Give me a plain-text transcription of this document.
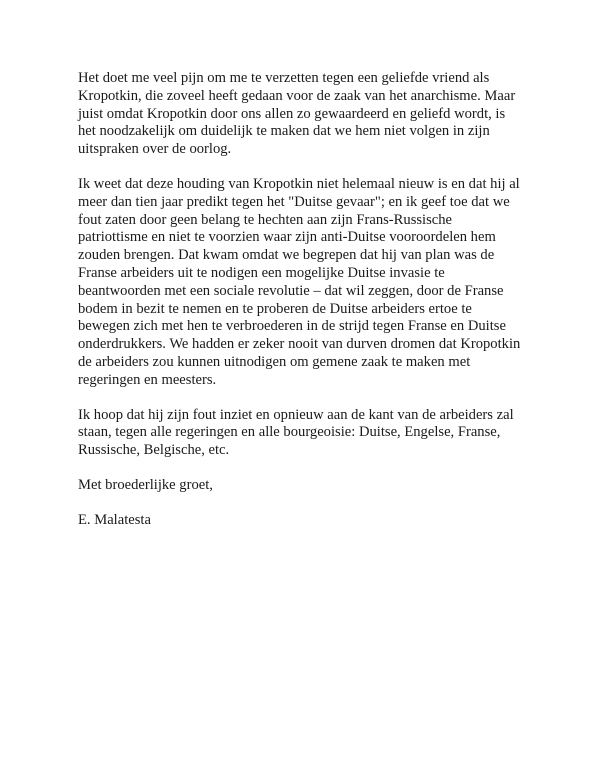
Het doet me veel pijn om me te verzetten tegen een geliefde vriend als
Kropotkin, die zoveel heeft gedaan voor de zaak van het anarchisme. Maar
juist omdat Kropotkin door ons allen zo gewaardeerd en geliefd wordt, is
het noodzakelijk om duidelijk te maken dat we hem niet volgen in zijn
uitspraken over de oorlog.

Ik weet dat deze houding van Kropotkin niet helemaal nieuw is en dat hij al
meer dan tien jaar predikt tegen het "Duitse gevaar"; en ik geef toe dat we
fout zaten door geen belang te hechten aan zijn Frans-Russische
patriottisme en niet te voorzien waar zijn anti-Duitse vooroordelen hem
zouden brengen. Dat kwam omdat we begrepen dat hij van plan was de
Franse arbeiders uit te nodigen een mogelijke Duitse invasie te
beantwoorden met een sociale revolutie – dat wil zeggen, door de Franse
bodem in bezit te nemen en te proberen de Duitse arbeiders ertoe te
bewegen zich met hen te verbroederen in de strijd tegen Franse en Duitse
onderdrukkers. We hadden er zeker nooit van durven dromen dat Kropotkin
de arbeiders zou kunnen uitnodigen om gemene zaak te maken met
regeringen en meesters.

Ik hoop dat hij zijn fout inziet en opnieuw aan de kant van de arbeiders zal
staan, tegen alle regeringen en alle bourgeoisie: Duitse, Engelse, Franse,
Russische, Belgische, etc.

Met broederlijke groet,

E. Malatesta
